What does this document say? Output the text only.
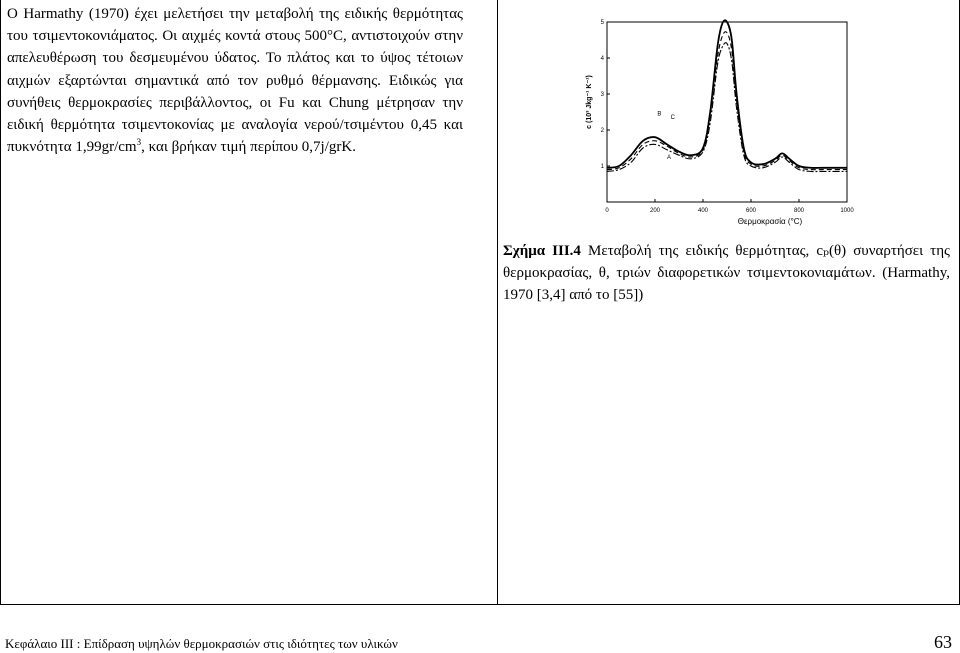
Ο Harmathy (1970) έχει μελετήσει την μεταβολή της ειδικής θερμότητας του τσιμεντοκονιάματος. Οι αιχμές κοντά στους 500°C, αντιστοιχούν στην απελευθέρωση του δεσμευμένου ύδατος. Το πλάτος και το ύψος τέτοιων αιχμών εξαρτώνται σημαντικά από τον ρυθμό θέρμανσης. Ειδικώς για συνήθεις θερμοκρασίες περιβάλλοντος, οι Fu και Chung μέτρησαν την ειδική θερμότητα τσιμεντοκονίας με αναλογία νερού/τσιμέντου 0,45 και πυκνότητα $1,99gr/cm^3$, και βρήκαν τιμή περίπου 0,7j/grK.
0	200	400	600	800	1000
1
2
3
4
5
Θερμοκρασία (°C)
c (10³ Jkg⁻¹ K⁻¹)
A
B
C
Σχήμα III.4 Μεταβολή της ειδικής θερμότητας, cₚ(θ) συναρτήσει της θερμοκρασίας, θ, τριών διαφορετικών τσιμεντοκονιαμάτων. (Harmathy, 1970 [3,4] από το [55])
Κεφάλαιο ΙΙΙ : Επίδραση υψηλών θερμοκρασιών στις ιδιότητες των υλικών	63
